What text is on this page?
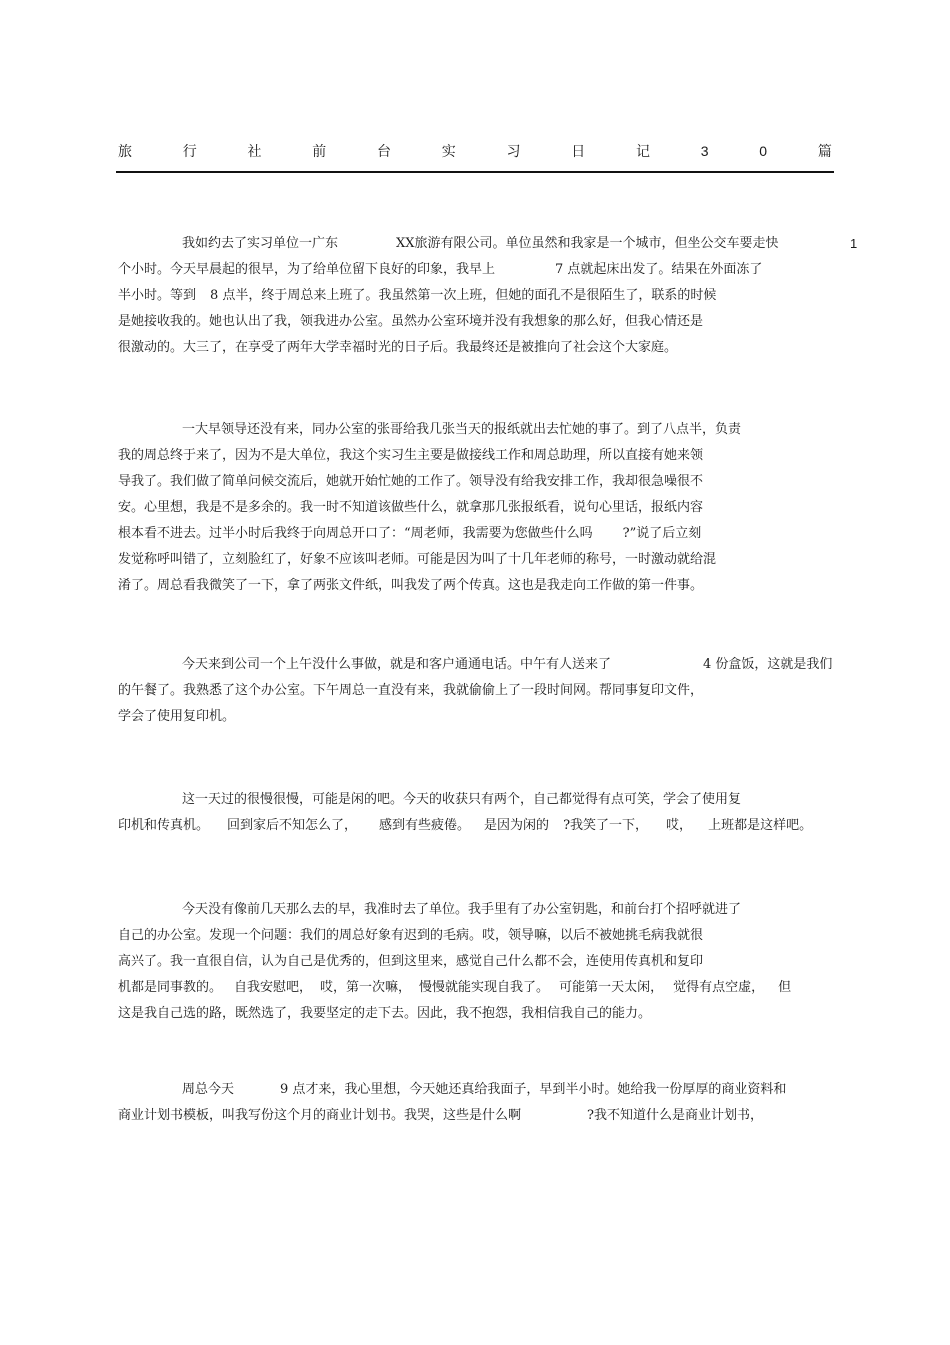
旅	行	社	前	台	实	习	日	记	3	0	篇
我如约去了实习单位一广东	XX旅游有限公司。单位虽然和我家是一个城市，但坐公交车要走快	1
个小时。今天早晨起的很早，为了给单位留下良好的印象，我早上	7 点就起床出发了。结果在外面冻了
半小时。等到 8 点半，终于周总来上班了。我虽然第一次上班，但她的面孔不是很陌生了，联系的时候
是她接收我的。她也认出了我，领我进办公室。虽然办公室环境并没有我想象的那么好，但我心情还是
很激动的。大三了，在享受了两年大学幸福时光的日子后。我最终还是被推向了社会这个大家庭。
一大早领导还没有来，同办公室的张哥给我几张当天的报纸就出去忙她的事了。到了八点半，负责
我的周总终于来了，因为不是大单位，我这个实习生主要是做接线工作和周总助理，所以直接有她来领
导我了。我们做了简单问候交流后，她就开始忙她的工作了。领导没有给我安排工作，我却很急噪很不
安。心里想，我是不是多余的。我一时不知道该做些什么，就拿那几张报纸看，说句心里话，报纸内容
根本看不进去。过半小时后我终于向周总开口了：“周老师，我需要为您做些什么吗 ?”说了后立刻
发觉称呼叫错了，立刻脸红了，好象不应该叫老师。可能是因为叫了十几年老师的称号，一时激动就给混
淆了。周总看我微笑了一下，拿了两张文件纸，叫我发了两个传真。这也是我走向工作做的第一件事。
今天来到公司一个上午没什么事做，就是和客户通通电话。中午有人送来了	4 份盒饭，这就是我们
的午餐了。我熟悉了这个办公室。下午周总一直没有来，我就偷偷上了一段时间网。帮同事复印文件，
学会了使用复印机。
这一天过的很慢很慢，可能是闲的吧。今天的收获只有两个，自己都觉得有点可笑，学会了使用复
印机和传真机。 回到家后不知怎么了， 感到有些疲倦。 是因为闲的 ?我笑了一下， 哎， 上班都是这样吧。
今天没有像前几天那么去的早，我准时去了单位。我手里有了办公室钥匙，和前台打个招呼就进了
自己的办公室。发现一个问题：我们的周总好象有迟到的毛病。哎，领导嘛，以后不被她挑毛病我就很
高兴了。我一直很自信，认为自己是优秀的，但到这里来，感觉自己什么都不会，连使用传真机和复印
机都是同事教的。 自我安慰吧， 哎，第一次嘛， 慢慢就能实现自我了。 可能第一天太闲， 觉得有点空虚， 但
这是我自己选的路，既然选了，我要坚定的走下去。因此，我不抱怨，我相信我自己的能力。
周总今天	9 点才来，我心里想，今天她还真给我面子，早到半小时。她给我一份厚厚的商业资料和
商业计划书模板，叫我写份这个月的商业计划书。我哭，这些是什么啊	?我不知道什么是商业计划书，
